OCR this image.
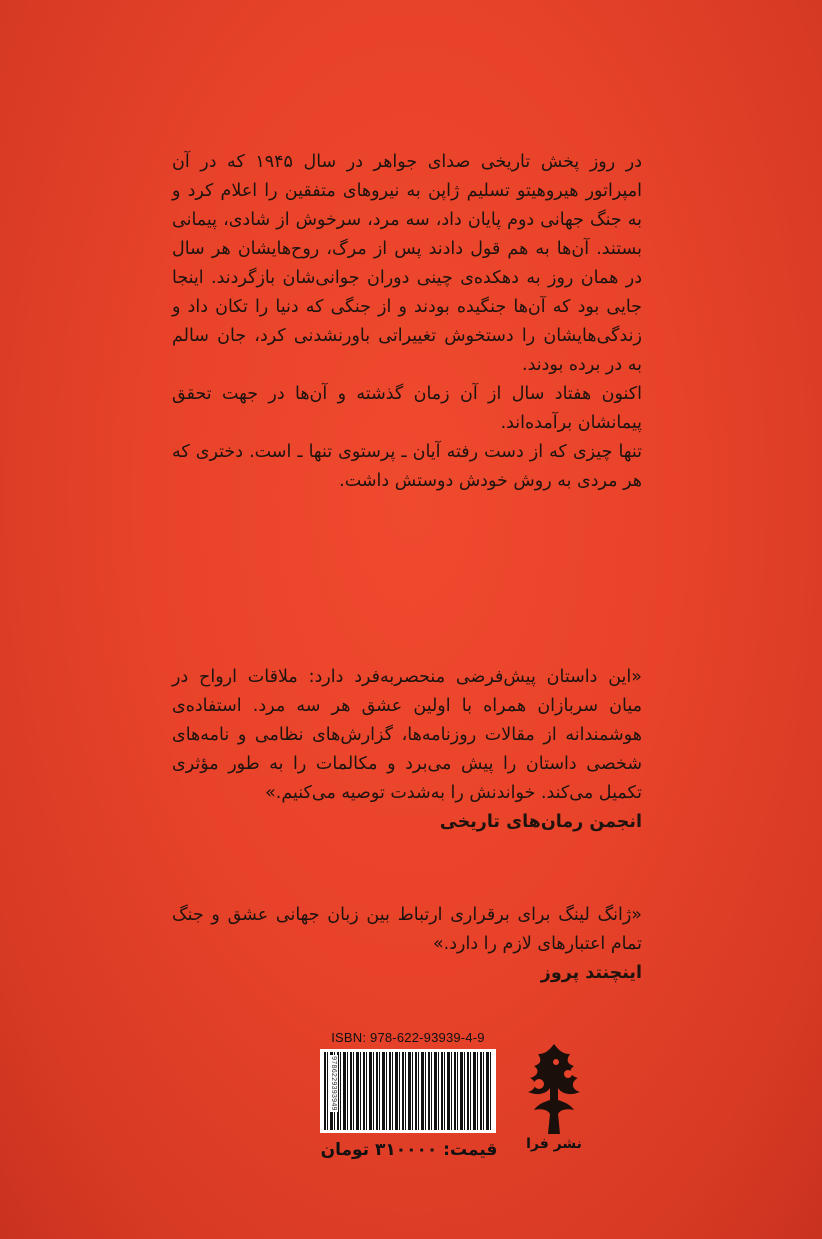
در روز پخش تاریخی صدای جواهر در سال ۱۹۴۵ که در آن امپراتور هیروهیتو تسلیم ژاپن به نیروهای متفقین را اعلام کرد و به جنگ جهانی دوم پایان داد، سه مرد، سرخوش از شادی، پیمانی بستند. آن‌ها به هم قول دادند پس از مرگ، روح‌هایشان هر سال در همان روز به دهکده‌ی چینی دوران جوانی‌شان بازگردند. اینجا جایی بود که آن‌ها جنگیده بودند و از جنگی که دنیا را تکان داد و زندگی‌هایشان را دستخوش تغییراتی باورنشدنی کرد، جان سالم به در برده بودند.

اکنون هفتاد سال از آن زمان گذشته و آن‌ها در جهت تحقق پیمانشان برآمده‌اند.

تنها چیزی که از دست رفته آیان ـ پرستوی تنها ـ است. دختری که هر مردی به روش خودش دوستش داشت.

«این داستان پیش‌فرضی منحصربه‌فرد دارد: ملاقات ارواح در میان سربازان همراه با اولین عشق هر سه مرد. استفاده‌ی هوشمندانه از مقالات روزنامه‌ها، گزارش‌های نظامی و نامه‌های شخصی داستان را پیش می‌برد و مکالمات را به طور مؤثری تکمیل می‌کند. خواندنش را به‌شدت توصیه می‌کنیم.»
انجمن رمان‌های تاریخی

«ژانگ لینگ برای برقراری ارتباط بین زبان جهانی عشق و جنگ تمام اعتبارهای لازم را دارد.»
اینچنتد پروز

ISBN: 978-622-93939-4-9
9786229393949
قیمت: ۳۱۰۰۰۰ تومان	نشر فرا
